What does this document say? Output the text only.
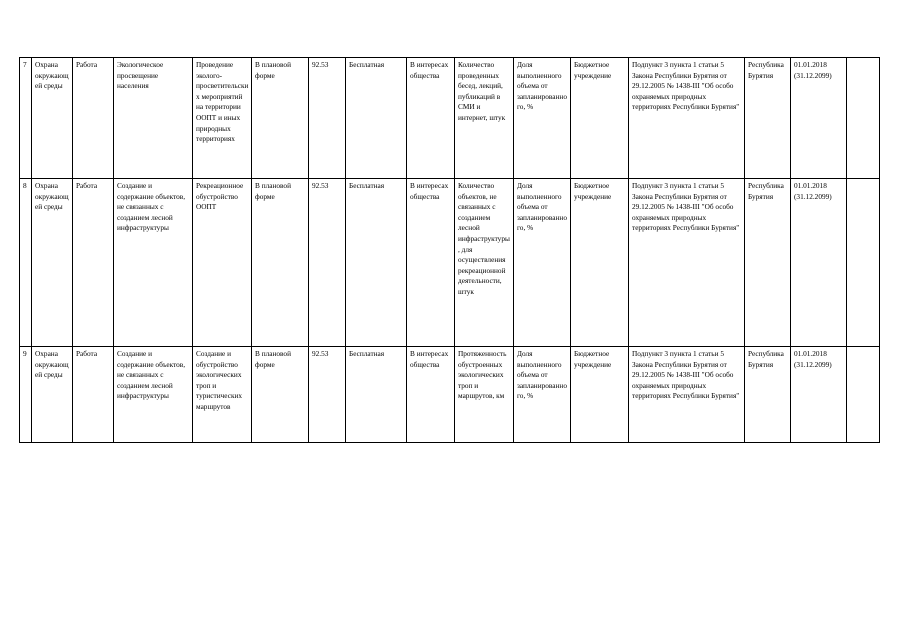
7	Охрана окружающей среды	Работа	Экологическое просвещение населения	Проведение эколого-просветительских мероприятий на территории ООПТ и иных природных территориях	В плановой форме	92.53	Бесплатная	В интересах общества	Количество проведенных бесед, лекций, публикаций в СМИ и интернет, штук	Доля выполненного объема от запланированного, %	Бюджетное учреждение	Подпункт 3 пункта 1 статьи 5 Закона Республики Бурятия от 29.12.2005 № 1438-III "Об особо охраняемых природных территориях Республики Бурятия"	Республика Бурятия	01.01.2018 (31.12.2099)	
8	Охрана окружающей среды	Работа	Создание и содержание объектов, не связанных с созданием лесной инфраструктуры	Рекреационное обустройство ООПТ	В плановой форме	92.53	Бесплатная	В интересах общества	Количество объектов, не связанных с созданием лесной инфраструктуры, для осуществления рекреационной деятельности, штук	Доля выполненного объема от запланированного, %	Бюджетное учреждение	Подпункт 3 пункта 1 статьи 5 Закона Республики Бурятия от 29.12.2005 № 1438-III "Об особо охраняемых природных территориях Республики Бурятия"	Республика Бурятия	01.01.2018 (31.12.2099)	
9	Охрана окружающей среды	Работа	Создание и содержание объектов, не связанных с созданием лесной инфраструктуры	Создание и обустройство экологических троп и туристических маршрутов	В плановой форме	92.53	Бесплатная	В интересах общества	Протяженность обустроенных экологических троп и маршрутов, км	Доля выполненного объема от запланированного, %	Бюджетное учреждение	Подпункт 3 пункта 1 статьи 5 Закона Республики Бурятия от 29.12.2005 № 1438-III "Об особо охраняемых природных территориях Республики Бурятия"	Республика Бурятия	01.01.2018 (31.12.2099)	
